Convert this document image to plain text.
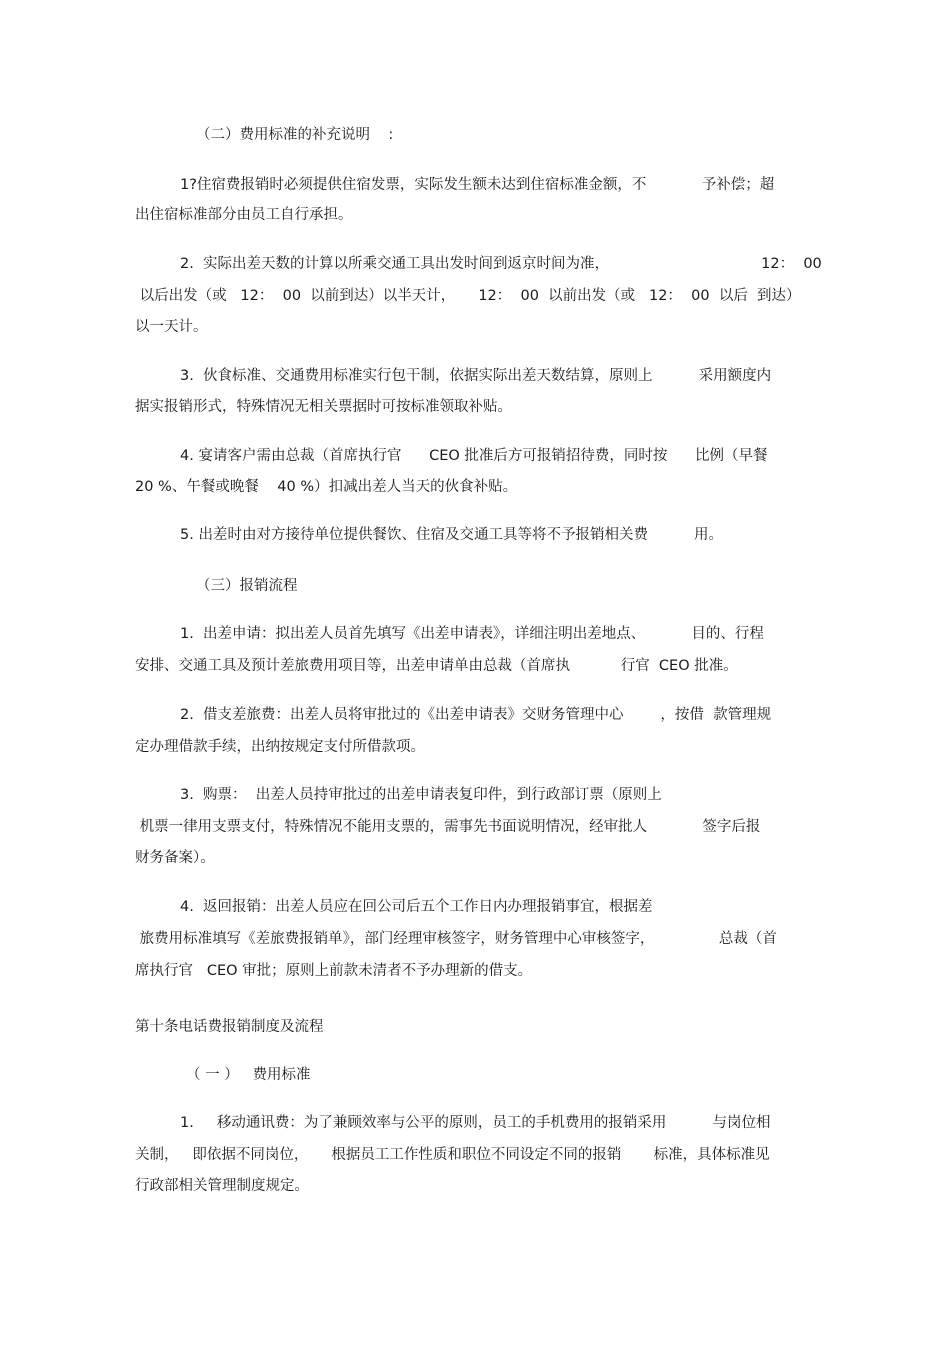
（二）费用标准的补充说明    :
1?住宿费报销时必须提供住宿发票，实际发生额未达到住宿标准金额，不            予补偿；超
出住宿标准部分由员工自行承担。
2.  实际出差天数的计算以所乘交通工具出发时间到返京时间为准，                                 12：  00
以后出发（或   12：  00  以前到达）以半天计，     12：  00  以前出发（或   12：  00  以后  到达）
以一天计。
3.  伙食标准、交通费用标准实行包干制，依据实际出差天数结算，原则上          采用额度内
据实报销形式，特殊情况无相关票据时可按标准领取补贴。
4. 宴请客户需由总裁（首席执行官      CEO 批准后方可报销招待费，同时按      比例（早餐
20 %、午餐或晚餐    40 %）扣减出差人当天的伙食补贴。
5. 出差时由对方接待单位提供餐饮、住宿及交通工具等将不予报销相关费          用。
（三）报销流程
1.  出差申请：拟出差人员首先填写《出差申请表》，详细注明出差地点、          目的、行程
安排、交通工具及预计差旅费用项目等，出差申请单由总裁（首席执           行官  CEO 批准。
2.  借支差旅费：出差人员将审批过的《出差申请表》交财务管理中心        ，按借  款管理规
定办理借款手续，出纳按规定支付所借款项。
3.  购票：  出差人员持审批过的出差申请表复印件，到行政部订票（原则上
机票一律用支票支付，特殊情况不能用支票的，需事先书面说明情况，经审批人            签字后报
财务备案）。
4.  返回报销：出差人员应在回公司后五个工作日内办理报销事宜，根据差
旅费用标准填写《差旅费报销单》，部门经理审核签字，财务管理中心审核签字，              总裁（首
席执行官   CEO 审批；原则上前款未清者不予办理新的借支。
第十条电话费报销制度及流程
（ 一 ）   费用标准
1.     移动通讯费：为了兼顾效率与公平的原则，员工的手机费用的报销采用          与岗位相
关制，   即依据不同岗位，     根据员工工作性质和职位不同设定不同的报销       标准，具体标准见
行政部相关管理制度规定。
